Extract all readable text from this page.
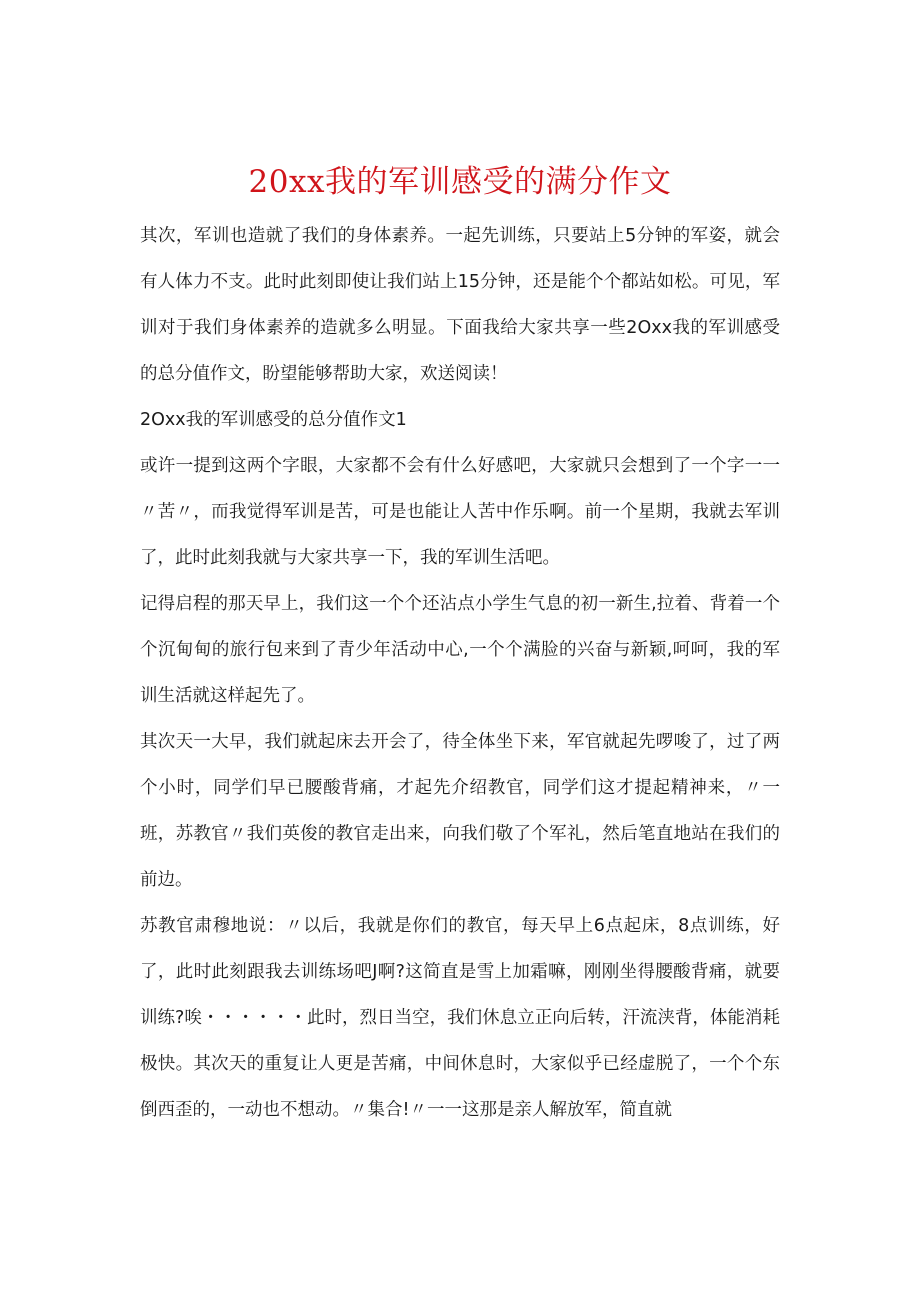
20xx我的军训感受的满分作文

其次，军训也造就了我们的身体素养。一起先训练，只要站上5分钟的军姿，就会有人体力不支。此时此刻即使让我们站上15分钟，还是能个个都站如松。可见，军训对于我们身体素养的造就多么明显。下面我给大家共享一些2Oxx我的军训感受的总分值作文，盼望能够帮助大家，欢送阅读！

2Oxx我的军训感受的总分值作文1

或许一提到这两个字眼，大家都不会有什么好感吧，大家就只会想到了一个字一一〃苦〃，而我觉得军训是苦，可是也能让人苦中作乐啊。前一个星期，我就去军训了，此时此刻我就与大家共享一下，我的军训生活吧。

记得启程的那天早上，我们这一个个还沾点小学生气息的初一新生,拉着、背着一个个沉甸甸的旅行包来到了青少年活动中心,一个个满脸的兴奋与新颖,呵呵，我的军训生活就这样起先了。

其次天一大早，我们就起床去开会了，待全体坐下来，军官就起先啰唆了，过了两个小时，同学们早已腰酸背痛，才起先介绍教官，同学们这才提起精神来，〃一班，苏教官〃我们英俊的教官走出来，向我们敬了个军礼，然后笔直地站在我们的前边。

苏教官肃穆地说：〃以后，我就是你们的教官，每天早上6点起床，8点训练，好了，此时此刻跟我去训练场吧J啊?这简直是雪上加霜嘛，刚刚坐得腰酸背痛，就要训练?唉・・・・・・此时，烈日当空，我们休息立正向后转，汗流浃背，体能消耗极快。其次天的重复让人更是苦痛，中间休息时，大家似乎已经虚脱了，一个个东倒西歪的，一动也不想动。〃集合!〃一一这那是亲人解放军，简直就
